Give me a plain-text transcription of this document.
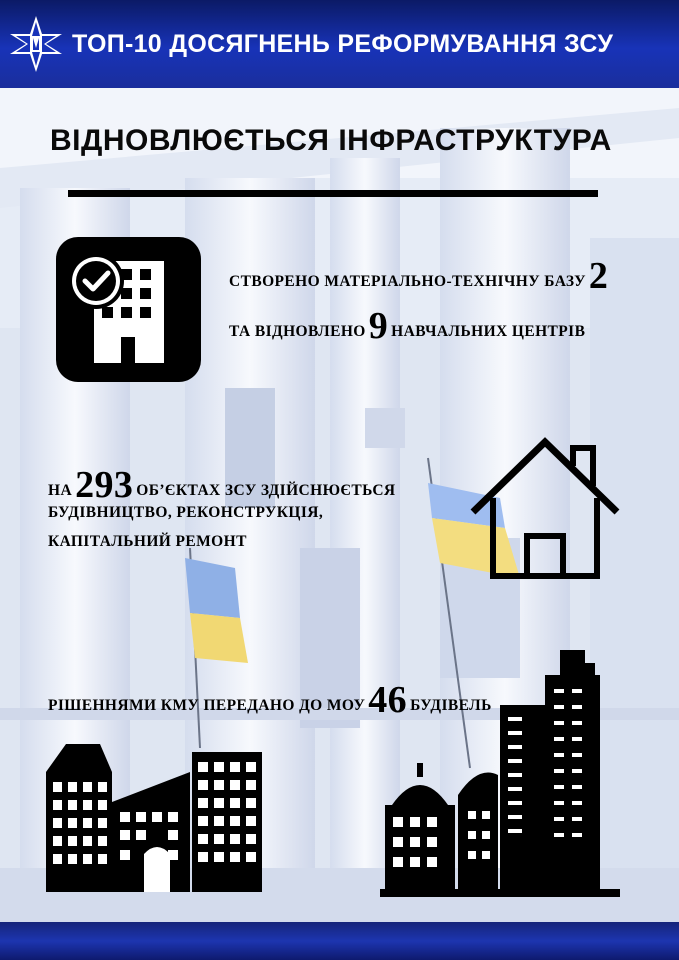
ТОП-10 ДОСЯГНЕНЬ РЕФОРМУВАННЯ ЗСУ
ВІДНОВЛЮЄТЬСЯ ІНФРАСТРУКТУРА
СТВОРЕНО МАТЕРІАЛЬНО-ТЕХНІЧНУ БАЗУ2
ТА ВІДНОВЛЕНО9 НАВЧАЛЬНИХ ЦЕНТРІВ
НА293 ОБ’ЄКТАХ ЗСУ ЗДІЙСНЮЄТЬСЯ
БУДІВНИЦТВО, РЕКОНСТРУКЦІЯ,
КАПІТАЛЬНИЙ РЕМОНТ
РІШЕННЯМИ КМУ ПЕРЕДАНО ДО МОУ46 БУДІВЕЛЬ
